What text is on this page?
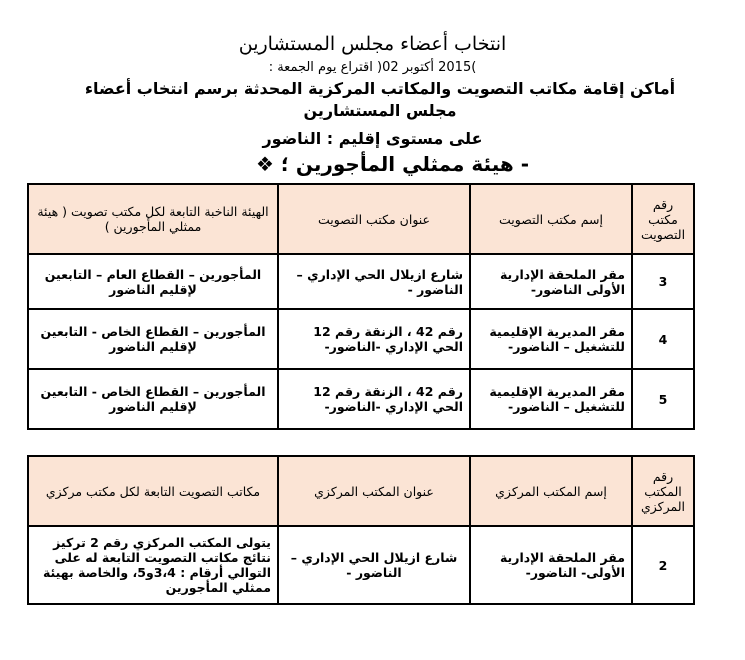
انتخاب أعضاء مجلس المستشارين
)2015 أكتوبر 02( اقتراع يوم الجمعة :
أماكن إقامة مكاتب التصويت والمكاتب المركزية المحدثة برسم انتخاب أعضاء مجلس المستشارين
على مستوى إقليم : الناضور
- هيئة ممثلي المأجورين ؛ ❖
رقم مكتب التصويت	إسم مكتب التصويت	عنوان مكتب التصويت	الهيئة الناخبة التابعة لكل مكتب تصويت ( هيئة ممثلي المأجورين )
3	مقر الملحقة الإدارية الأولى الناضور-	شارع ازيلال الحي الإداري – الناضور -	المأجورين – القطاع العام – التابعين لإقليم الناضور
4	مقر المديرية الإقليمية للتشغيل – الناضور-	رقم 42 ، الزنقة رقم 12 الحي الإداري -الناضور-	المأجورين – القطاع الخاص - التابعين لإقليم الناضور
5	مقر المديرية الإقليمية للتشغيل – الناضور-	رقم 42 ، الزنقة رقم 12 الحي الإداري -الناضور-	المأجورين – القطاع الخاص - التابعين لإقليم الناضور
رقم المكتب المركزي	إسم المكتب المركزي	عنوان المكتب المركزي	مكاتب التصويت التابعة لكل مكتب مركزي
2	مقر الملحقة الإدارية الأولى- الناضور-	شارع ازيلال الحي الإداري – الناضور -	يتولى المكتب المركزي رقم 2 تركيز نتائج مكاتب التصويت التابعة له على التوالي أرقام : 3،4و5، والخاصة بهيئة ممثلي المأجورين
